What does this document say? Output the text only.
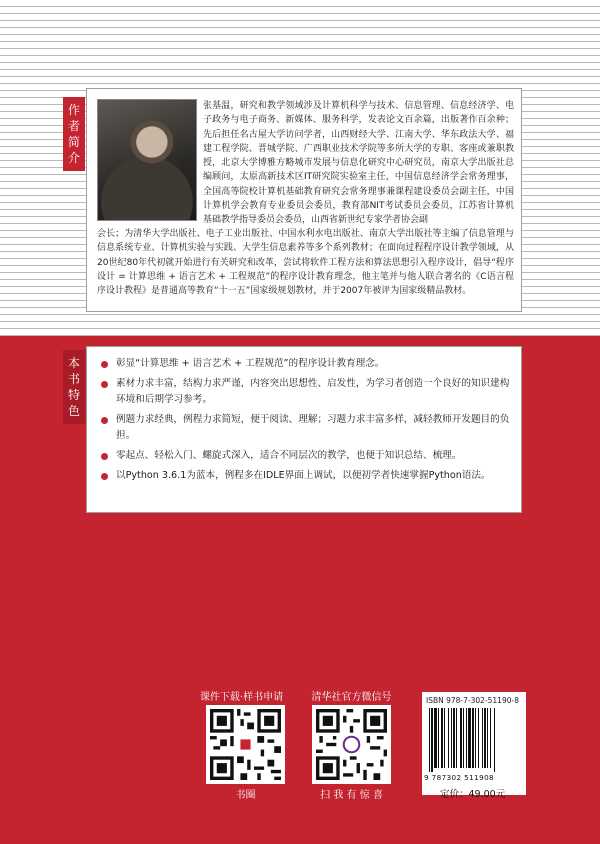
作
者
简
介
张基温，研究和教学领域涉及计算机科学与技术、信息管理、信息经济学、电子政务与电子商务、新媒体、服务科学，发表论文百余篇，出版著作百余种；先后担任名古屋大学访问学者，山西财经大学、江南大学、华东政法大学、福建工程学院、晋城学院、广西职业技术学院等多所大学的专职、客座或兼职教授，北京大学博雅方略城市发展与信息化研究中心研究员，南京大学出版社总编顾问，太原高新技术区IT研究院实验室主任，中国信息经济学会常务理事，全国高等院校计算机基础教育研究会常务理事兼课程建设委员会副主任，中国计算机学会教育专业委员会委员，教育部NIT考试委员会委员，江苏省计算机基础教学指导委员会委员，山西省新世纪专家学者协会副
会长；为清华大学出版社、电子工业出版社、中国水利水电出版社、南京大学出版社等主编了信息管理与信息系统专业、计算机实验与实践、大学生信息素养等多个系列教材；在面向过程程序设计教学领域，从20世纪80年代初就开始进行有关研究和改革，尝试将软件工程方法和算法思想引入程序设计，倡导“程序设计 = 计算思维 + 语言艺术 + 工程规范”的程序设计教育理念，他主笔并与他人联合著名的《C语言程序设计教程》是普通高等教育“十一五”国家级规划教材，并于2007年被评为国家级精品教材。
本
书
特
色
彰显“计算思维 + 语言艺术 + 工程规范”的程序设计教育理念。
素材力求丰富，结构力求严谨，内容突出思想性、启发性，为学习者创造一个良好的知识建构环境和后期学习参考。
例题力求经典，例程力求简短，便于阅读、理解；习题力求丰富多样，减轻教师开发题目的负担。
零起点、轻松入门、螺旋式深入，适合不同层次的教学，也便于知识总结、梳理。
以Python 3.6.1为蓝本，例程多在IDLE界面上调试，以便初学者快速掌握Python语法。
课件下载·样书申请
书圈
清华社官方微信号
扫 我 有 惊 喜
ISBN 978-7-302-51190-8
9 787302 511908
定价：49.00元
